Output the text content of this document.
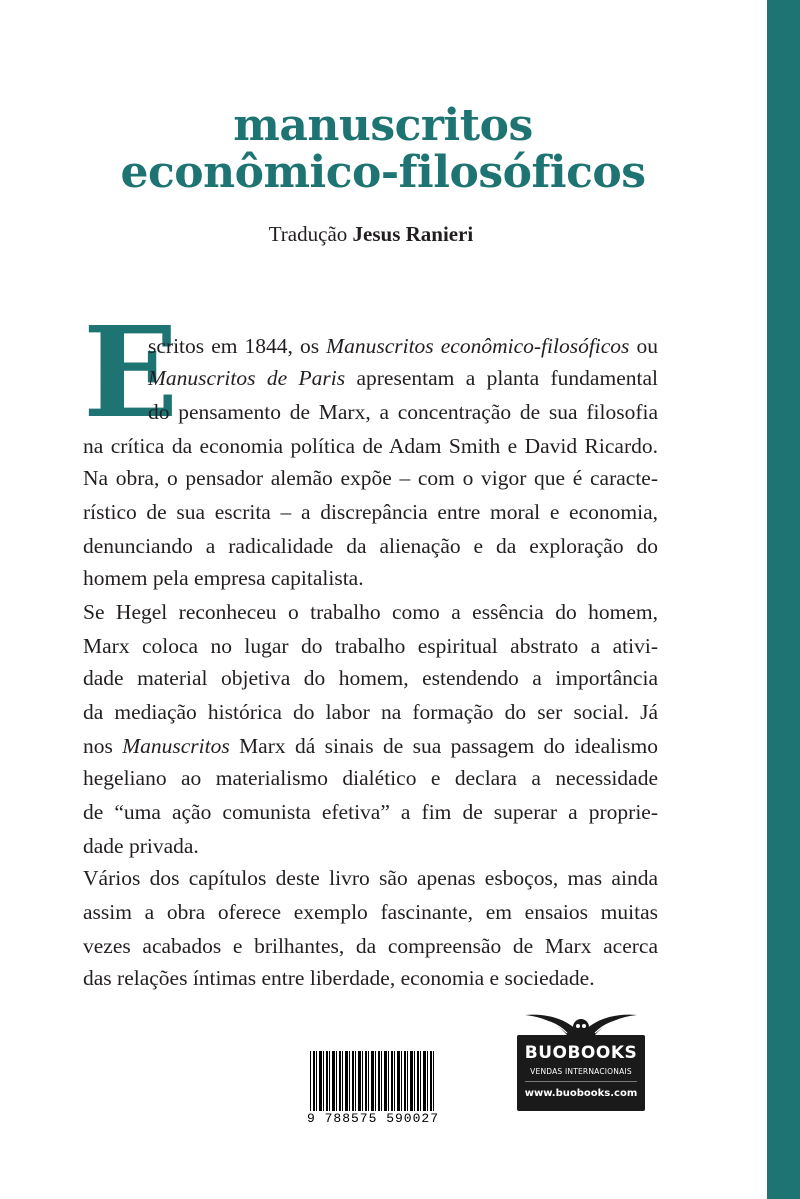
manuscritos
econômico-filosóficos
Tradução Jesus Ranieri
E
scritos em 1844, os Manuscritos econômico-filosóficos ou
Manuscritos de Paris apresentam a planta fundamental
do pensamento de Marx, a concentração de sua filosofia
na crítica da economia política de Adam Smith e David Ricardo.
Na obra, o pensador alemão expõe – com o vigor que é caracte-
rístico de sua escrita – a discrepância entre moral e economia,
denunciando a radicalidade da alienação e da exploração do
homem pela empresa capitalista.
Se Hegel reconheceu o trabalho como a essência do homem,
Marx coloca no lugar do trabalho espiritual abstrato a ativi-
dade material objetiva do homem, estendendo a importância
da mediação histórica do labor na formação do ser social. Já
nos Manuscritos Marx dá sinais de sua passagem do idealismo
hegeliano ao materialismo dialético e declara a necessidade
de “uma ação comunista efetiva” a fim de superar a proprie-
dade privada.
Vários dos capítulos deste livro são apenas esboços, mas ainda
assim a obra oferece exemplo fascinante, em ensaios muitas
vezes acabados e brilhantes, da compreensão de Marx acerca
das relações íntimas entre liberdade, economia e sociedade.
9 788575 590027
BUOBOOKS
VENDAS INTERNACIONAIS
www.buobooks.com
